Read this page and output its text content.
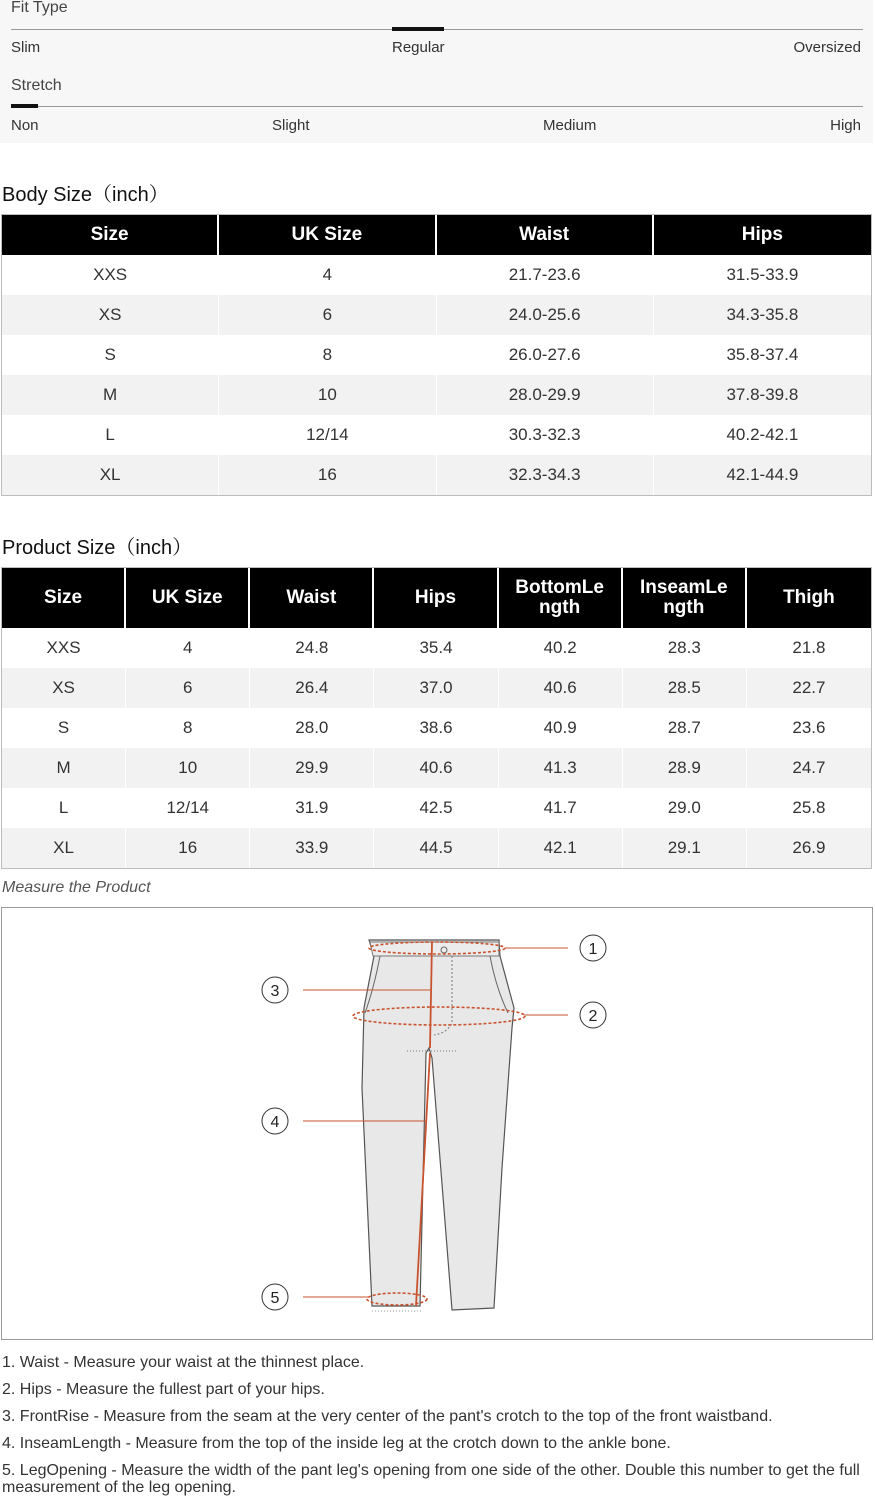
Fit Type
Slim	Regular	Oversized
Stretch
Non	Slight	Medium	High
Body Size（inch）
Size	UK Size	Waist	Hips
XXS	4	21.7-23.6	31.5-33.9
XS	6	24.0-25.6	34.3-35.8
S	8	26.0-27.6	35.8-37.4
M	10	28.0-29.9	37.8-39.8
L	12/14	30.3-32.3	40.2-42.1
XL	16	32.3-34.3	42.1-44.9
Product Size（inch）
Size	UK Size	Waist	Hips	BottomLength	InseamLength	Thigh
XXS	4	24.8	35.4	40.2	28.3	21.8
XS	6	26.4	37.0	40.6	28.5	22.7
S	8	28.0	38.6	40.9	28.7	23.6
M	10	29.9	40.6	41.3	28.9	24.7
L	12/14	31.9	42.5	41.7	29.0	25.8
XL	16	33.9	44.5	42.1	29.1	26.9
Measure the Product
1
2
3
4
5
1. Waist - Measure your waist at the thinnest place.
2. Hips - Measure the fullest part of your hips.
3. FrontRise - Measure from the seam at the very center of the pant's crotch to the top of the front waistband.
4. InseamLength - Measure from the top of the inside leg at the crotch down to the ankle bone.
5. LegOpening - Measure the width of the pant leg's opening from one side of the other. Double this number to get the full measurement of the leg opening.
